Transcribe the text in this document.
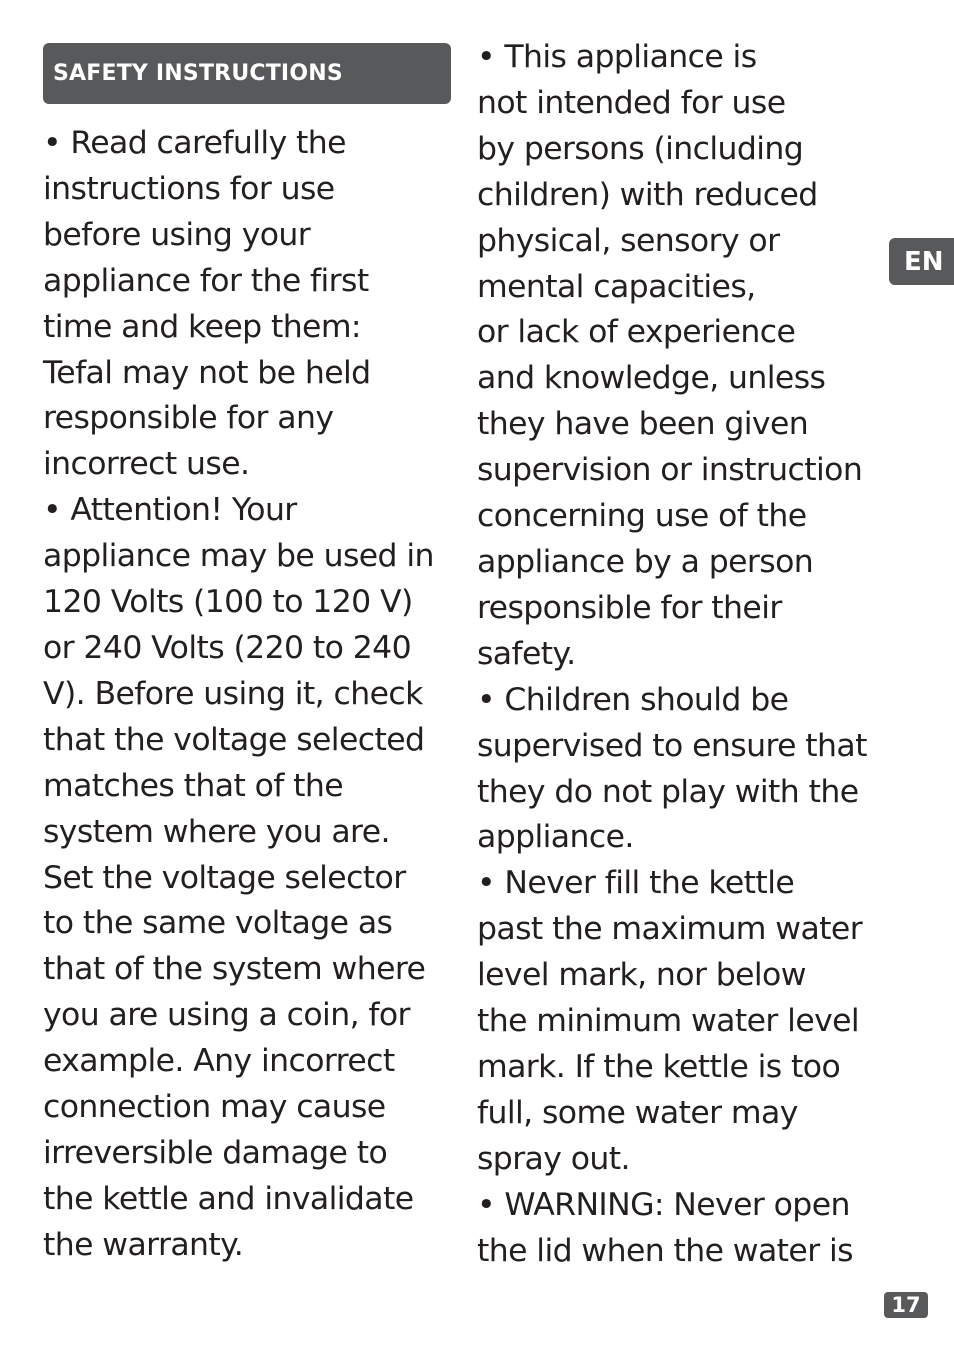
SAFETY INSTRUCTIONS

• Read carefully the
instructions for use
before using your
appliance for the first
time and keep them:
Tefal may not be held
responsible for any
incorrect use.

• Attention! Your
appliance may be used in
120 Volts (100 to 120 V)
or 240 Volts (220 to 240
V). Before using it, check
that the voltage selected
matches that of the
system where you are.
Set the voltage selector
to the same voltage as
that of the system where
you are using a coin, for
example. Any incorrect
connection may cause
irreversible damage to
the kettle and invalidate
the warranty.

• This appliance is
not intended for use
by persons (including
children) with reduced
physical, sensory or
mental capacities,
or lack of experience
and knowledge, unless
they have been given
supervision or instruction
concerning use of the
appliance by a person
responsible for their
safety.

• Children should be
supervised to ensure that
they do not play with the
appliance.

• Never fill the kettle
past the maximum water
level mark, nor below
the minimum water level
mark. If the kettle is too
full, some water may
spray out.

• WARNING: Never open
the lid when the water is

EN
17
